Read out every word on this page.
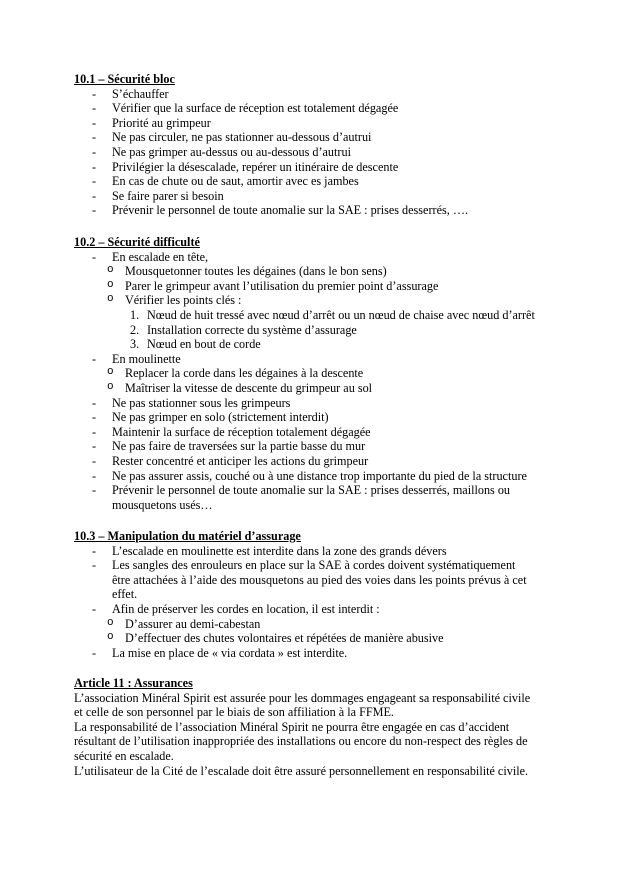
10.1 – Sécurité bloc
- S’échauffer
- Vérifier que la surface de réception est totalement dégagée
- Priorité au grimpeur
- Ne pas circuler, ne pas stationner au-dessous d’autrui
- Ne pas grimper au-dessus ou au-dessous d’autrui
- Privilégier la désescalade, repérer un itinéraire de descente
- En cas de chute ou de saut, amortir avec es jambes
- Se faire parer si besoin
- Prévenir le personnel de toute anomalie sur la SAE : prises desserrés, ….
10.2 – Sécurité difficulté
- En escalade en tête,
o Mousquetonner toutes les dégaines (dans le bon sens)
o Parer le grimpeur avant l’utilisation du premier point d’assurage
o Vérifier les points clés :
1. Nœud de huit tressé avec nœud d’arrêt ou un nœud de chaise avec nœud d’arrêt
2. Installation correcte du système d’assurage
3. Nœud en bout de corde
- En moulinette
o Replacer la corde dans les dégaines à la descente
o Maîtriser la vitesse de descente du grimpeur au sol
- Ne pas stationner sous les grimpeurs
- Ne pas grimper en solo (strictement interdit)
- Maintenir la surface de réception totalement dégagée
- Ne pas faire de traversées sur la partie basse du mur
- Rester concentré et anticiper les actions du grimpeur
- Ne pas assurer assis, couché ou à une distance trop importante du pied de la structure
- Prévenir le personnel de toute anomalie sur la SAE : prises desserrés, maillons ou
mousquetons usés…
10.3 – Manipulation du matériel d’assurage
- L’escalade en moulinette est interdite dans la zone des grands dévers
- Les sangles des enrouleurs en place sur la SAE à cordes doivent systématiquement
être attachées à l’aide des mousquetons au pied des voies dans les points prévus à cet
effet.
- Afin de préserver les cordes en location, il est interdit :
o D’assurer au demi-cabestan
o D’effectuer des chutes volontaires et répétées de manière abusive
- La mise en place de « via cordata » est interdite.
Article 11 : Assurances
L’association Minéral Spirit est assurée pour les dommages engageant sa responsabilité civile
et celle de son personnel par le biais de son affiliation à la FFME.
La responsabilité de l’association Minéral Spirit ne pourra être engagée en cas d’accident
résultant de l’utilisation inappropriée des installations ou encore du non-respect des règles de
sécurité en escalade.
L’utilisateur de la Cité de l’escalade doit être assuré personnellement en responsabilité civile.
